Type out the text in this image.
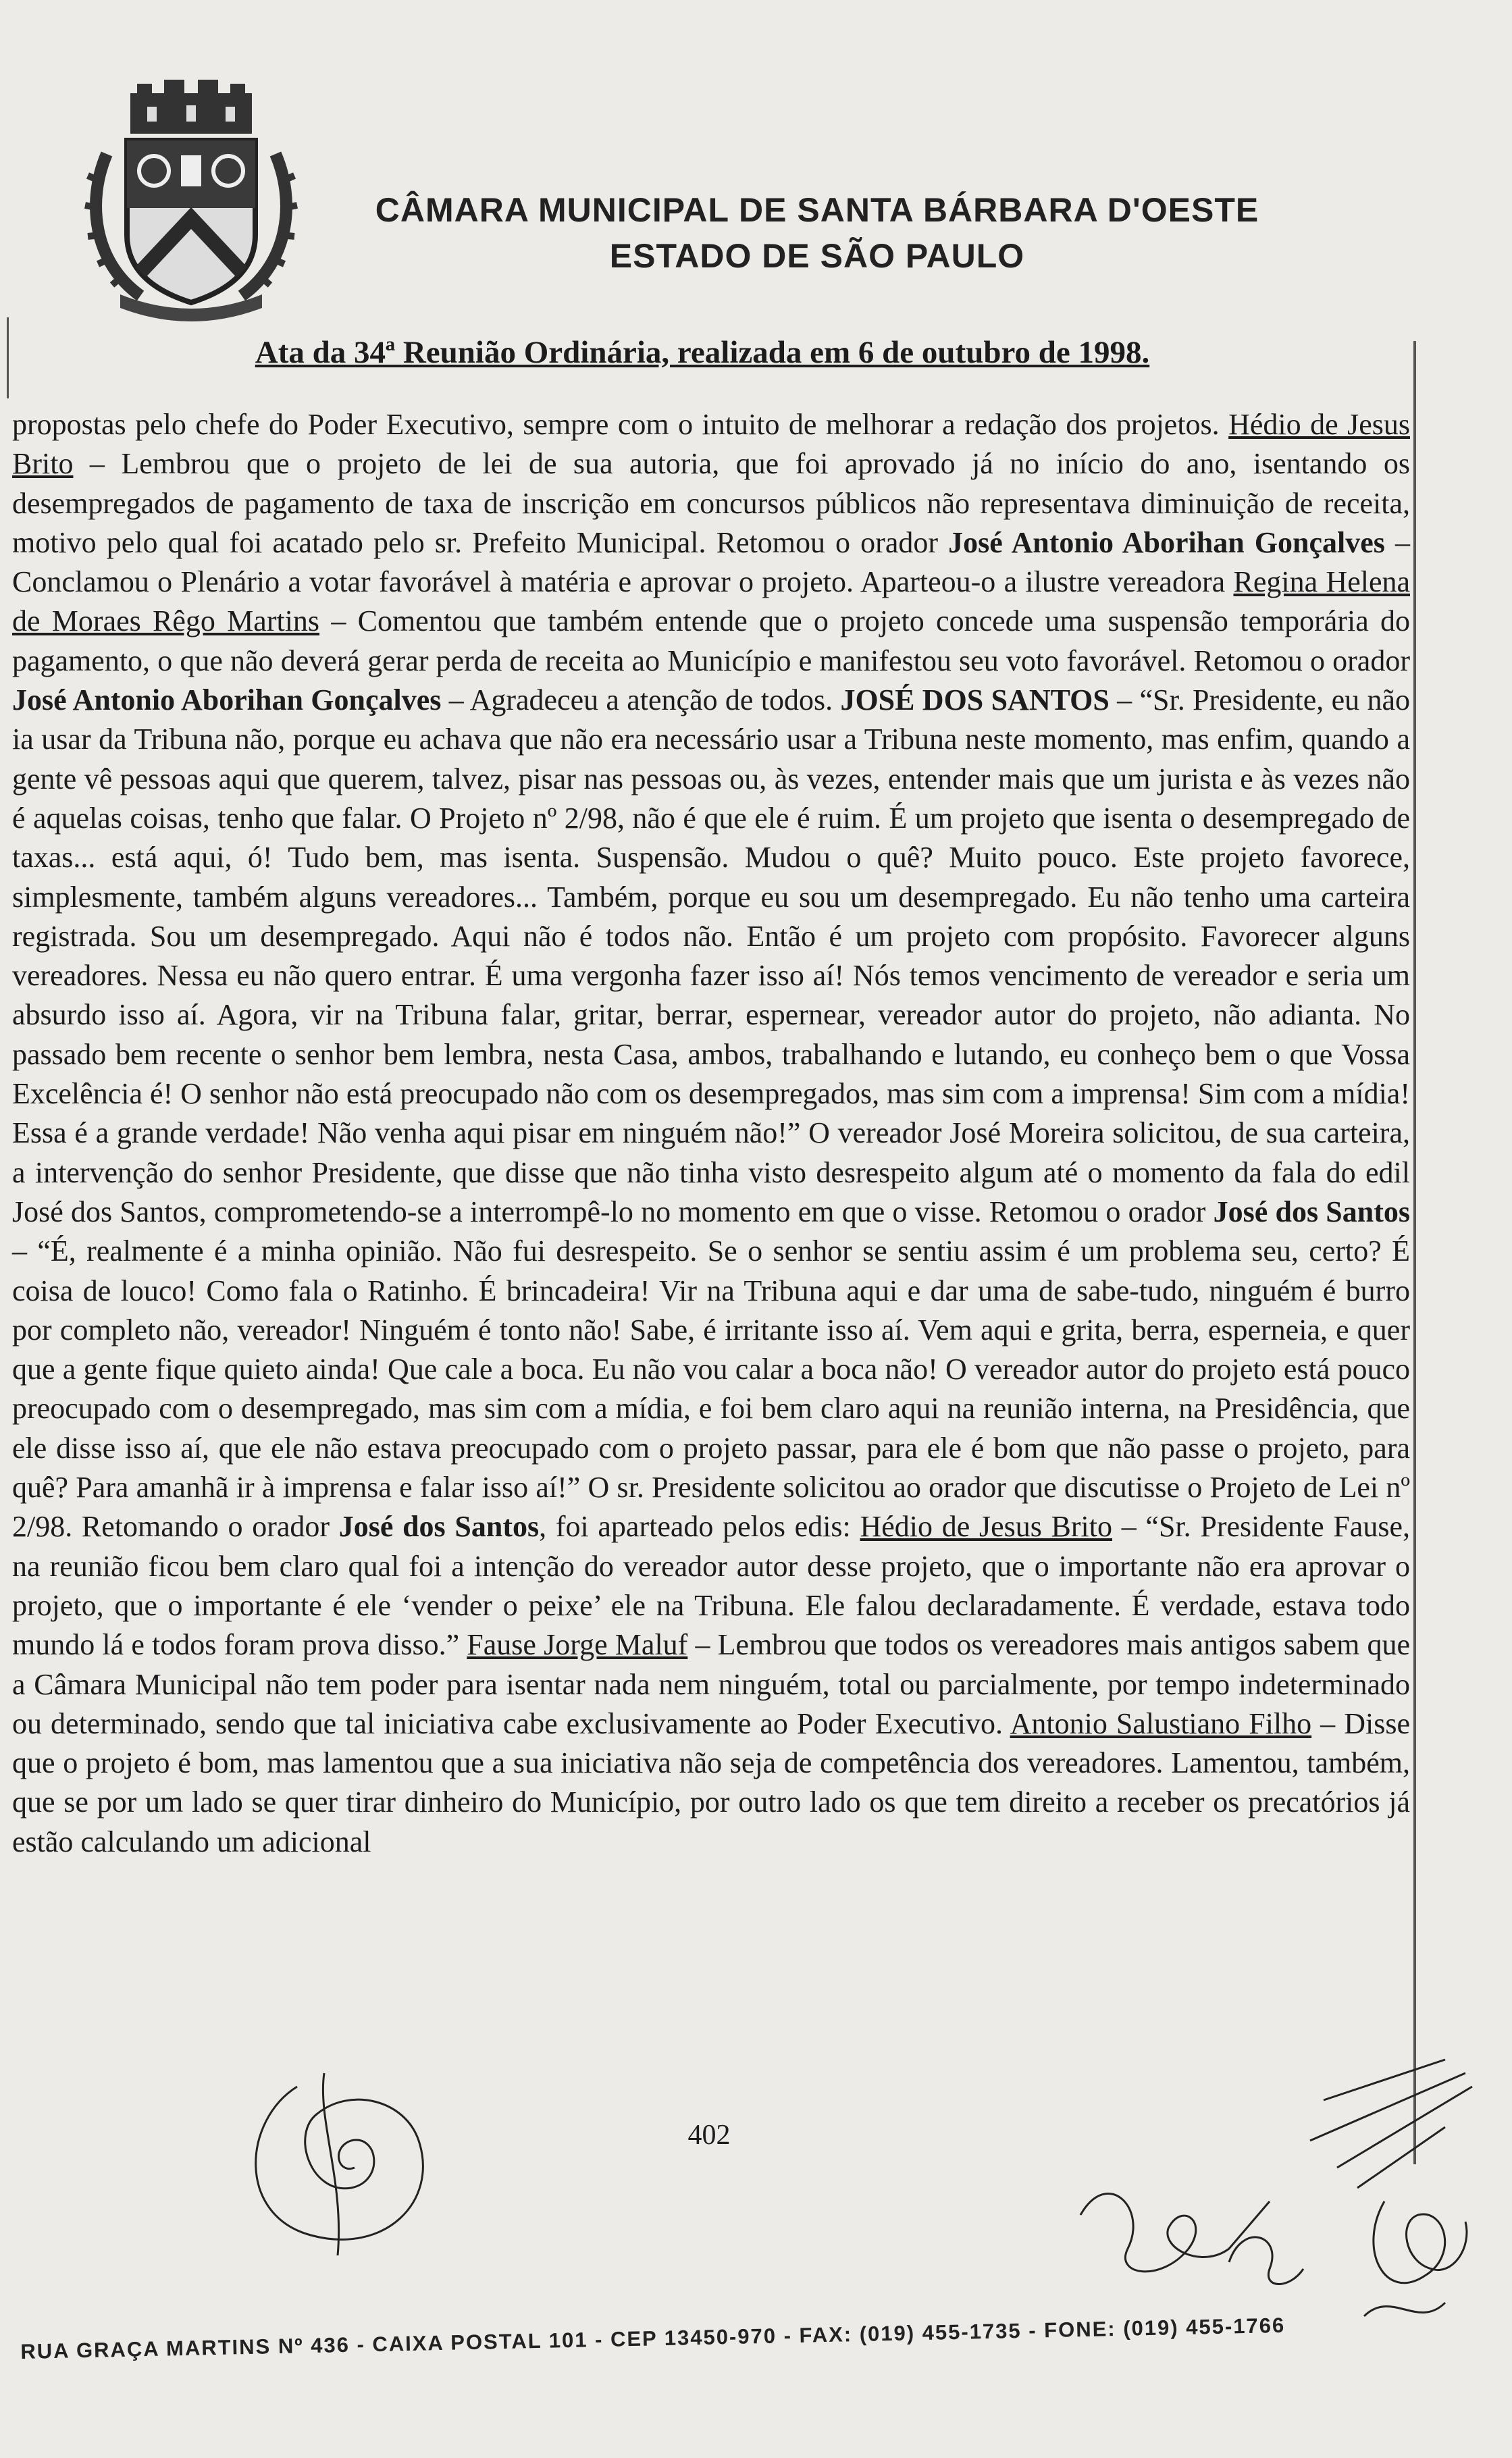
CÂMARA MUNICIPAL DE SANTA BÁRBARA D'OESTE
ESTADO DE SÃO PAULO
Ata da 34ª Reunião Ordinária, realizada em 6 de outubro de 1998.

propostas pelo chefe do Poder Executivo, sempre com o intuito de melhorar a redação dos projetos. Hédio de Jesus Brito – Lembrou que o projeto de lei de sua autoria, que foi aprovado já no início do ano, isentando os desempregados de pagamento de taxa de inscrição em concursos públicos não representava diminuição de receita, motivo pelo qual foi acatado pelo sr. Prefeito Municipal. Retomou o orador José Antonio Aborihan Gonçalves – Conclamou o Plenário a votar favorável à matéria e aprovar o projeto. Aparteou-o a ilustre vereadora Regina Helena de Moraes Rêgo Martins – Comentou que também entende que o projeto concede uma suspensão temporária do pagamento, o que não deverá gerar perda de receita ao Município e manifestou seu voto favorável. Retomou o orador José Antonio Aborihan Gonçalves – Agradeceu a atenção de todos. JOSÉ DOS SANTOS – “Sr. Presidente, eu não ia usar da Tribuna não, porque eu achava que não era necessário usar a Tribuna neste momento, mas enfim, quando a gente vê pessoas aqui que querem, talvez, pisar nas pessoas ou, às vezes, entender mais que um jurista e às vezes não é aquelas coisas, tenho que falar. O Projeto nº 2/98, não é que ele é ruim. É um projeto que isenta o desempregado de taxas... está aqui, ó! Tudo bem, mas isenta. Suspensão. Mudou o quê? Muito pouco. Este projeto favorece, simplesmente, também alguns vereadores... Também, porque eu sou um desempregado. Eu não tenho uma carteira registrada. Sou um desempregado. Aqui não é todos não. Então é um projeto com propósito. Favorecer alguns vereadores. Nessa eu não quero entrar. É uma vergonha fazer isso aí! Nós temos vencimento de vereador e seria um absurdo isso aí. Agora, vir na Tribuna falar, gritar, berrar, espernear, vereador autor do projeto, não adianta. No passado bem recente o senhor bem lembra, nesta Casa, ambos, trabalhando e lutando, eu conheço bem o que Vossa Excelência é! O senhor não está preocupado não com os desempregados, mas sim com a imprensa! Sim com a mídia! Essa é a grande verdade! Não venha aqui pisar em ninguém não!” O vereador José Moreira solicitou, de sua carteira, a intervenção do senhor Presidente, que disse que não tinha visto desrespeito algum até o momento da fala do edil José dos Santos, comprometendo-se a interrompê-lo no momento em que o visse. Retomou o orador José dos Santos – “É, realmente é a minha opinião. Não fui desrespeito. Se o senhor se sentiu assim é um problema seu, certo? É coisa de louco! Como fala o Ratinho. É brincadeira! Vir na Tribuna aqui e dar uma de sabe-tudo, ninguém é burro por completo não, vereador! Ninguém é tonto não! Sabe, é irritante isso aí. Vem aqui e grita, berra, esperneia, e quer que a gente fique quieto ainda! Que cale a boca. Eu não vou calar a boca não! O vereador autor do projeto está pouco preocupado com o desempregado, mas sim com a mídia, e foi bem claro aqui na reunião interna, na Presidência, que ele disse isso aí, que ele não estava preocupado com o projeto passar, para ele é bom que não passe o projeto, para quê? Para amanhã ir à imprensa e falar isso aí!” O sr. Presidente solicitou ao orador que discutisse o Projeto de Lei nº 2/98. Retomando o orador José dos Santos, foi aparteado pelos edis: Hédio de Jesus Brito – “Sr. Presidente Fause, na reunião ficou bem claro qual foi a intenção do vereador autor desse projeto, que o importante não era aprovar o projeto, que o importante é ele ‘vender o peixe’ ele na Tribuna. Ele falou declaradamente. É verdade, estava todo mundo lá e todos foram prova disso.” Fause Jorge Maluf – Lembrou que todos os vereadores mais antigos sabem que a Câmara Municipal não tem poder para isentar nada nem ninguém, total ou parcialmente, por tempo indeterminado ou determinado, sendo que tal iniciativa cabe exclusivamente ao Poder Executivo. Antonio Salustiano Filho – Disse que o projeto é bom, mas lamentou que a sua iniciativa não seja de competência dos vereadores. Lamentou, também, que se por um lado se quer tirar dinheiro do Município, por outro lado os que tem direito a receber os precatórios já estão calculando um adicional

402
RUA GRAÇA MARTINS Nº 436 - CAIXA POSTAL 101 - CEP 13450-970 - FAX: (019) 455-1735 - FONE: (019) 455-1766
